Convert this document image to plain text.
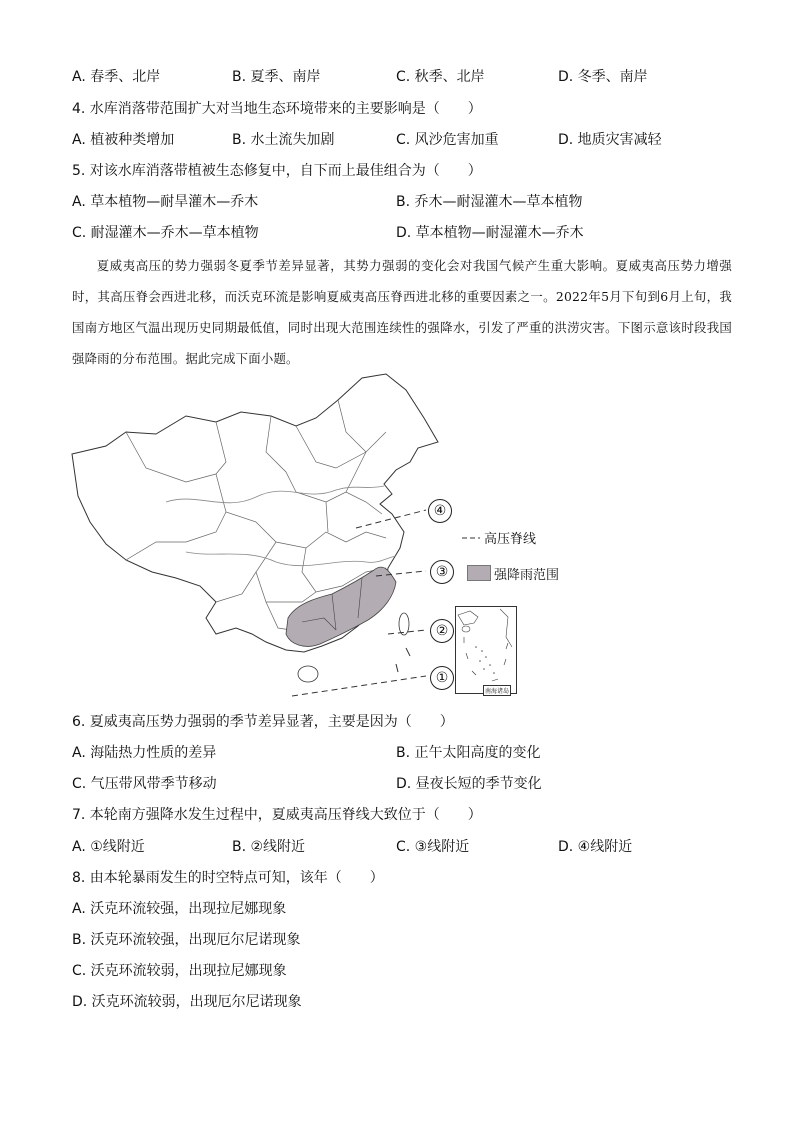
A. 春季、北岸	B. 夏季、南岸	C. 秋季、北岸	D. 冬季、南岸
4. 水库消落带范围扩大对当地生态环境带来的主要影响是（　　）
A. 植被种类增加	B. 水土流失加剧	C. 风沙危害加重	D. 地质灾害减轻
5. 对该水库消落带植被生态修复中，自下而上最佳组合为（　　）
A. 草本植物—耐旱灌木—乔木	B. 乔木—耐湿灌木—草本植物
C. 耐湿灌木—乔木—草本植物	D. 草本植物—耐湿灌木—乔木

夏威夷高压的势力强弱冬夏季节差异显著，其势力强弱的变化会对我国气候产生重大影响。夏威夷高压势力增强时，其高压脊会西进北移，而沃克环流是影响夏威夷高压脊西进北移的重要因素之一。2022年5月下旬到6月上旬，我国南方地区气温出现历史同期最低值，同时出现大范围连续性的强降水，引发了严重的洪涝灾害。下图示意该时段我国强降雨的分布范围。据此完成下面小题。

④
③
②
①
高压脊线
强降雨范围
南海诸岛
6. 夏威夷高压势力强弱的季节差异显著，主要是因为（　　）
A. 海陆热力性质的差异	B. 正午太阳高度的变化
C. 气压带风带季节移动	D. 昼夜长短的季节变化
7. 本轮南方强降水发生过程中，夏威夷高压脊线大致位于（　　）
A. ①线附近	B. ②线附近	C. ③线附近	D. ④线附近
8. 由本轮暴雨发生的时空特点可知，该年（　　）
A. 沃克环流较强，出现拉尼娜现象
B. 沃克环流较强，出现厄尔尼诺现象
C. 沃克环流较弱，出现拉尼娜现象
D. 沃克环流较弱，出现厄尔尼诺现象
